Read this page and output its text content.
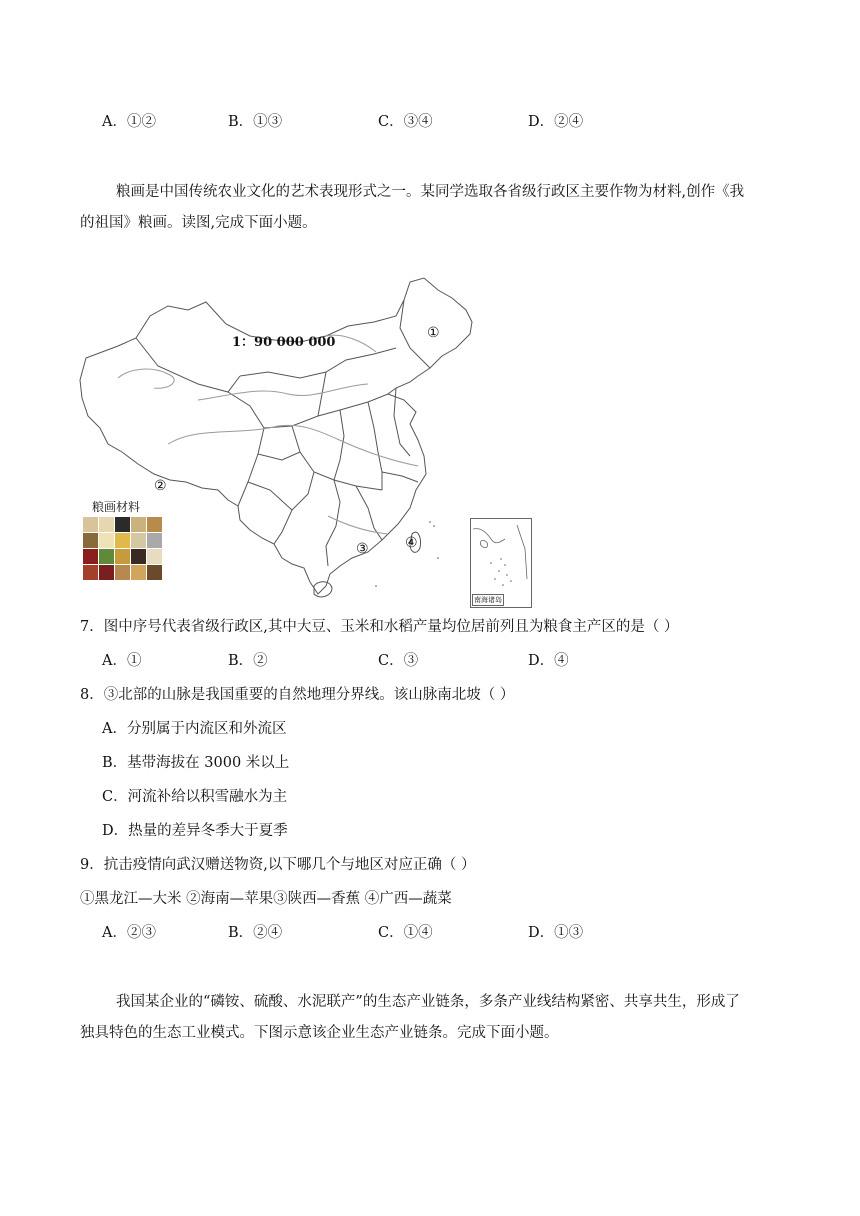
A．①②	B．①③	C．③④	D．②④
粮画是中国传统农业文化的艺术表现形式之一。某同学选取各省级行政区主要作物为材料,创作《我
的祖国》粮画。读图,完成下面小题。
1：90 000 000
①
②
③	④
粮画材料
南海诸岛
7．图中序号代表省级行政区,其中大豆、玉米和水稻产量均位居前列且为粮食主产区的是（ ）
A．①	B．②	C．③	D．④
8．③北部的山脉是我国重要的自然地理分界线。该山脉南北坡（ ）
A．分别属于内流区和外流区
B．基带海拔在 3000 米以上
C．河流补给以积雪融水为主
D．热量的差异冬季大于夏季
9．抗击疫情向武汉赠送物资,以下哪几个与地区对应正确（ ）
①黑龙江—大米 ②海南—苹果③陕西—香蕉 ④广西—蔬菜
A．②③	B．②④	C．①④	D．①③
我国某企业的“磷铵、硫酸、水泥联产”的生态产业链条，多条产业线结构紧密、共享共生，形成了
独具特色的生态工业模式。下图示意该企业生态产业链条。完成下面小题。
